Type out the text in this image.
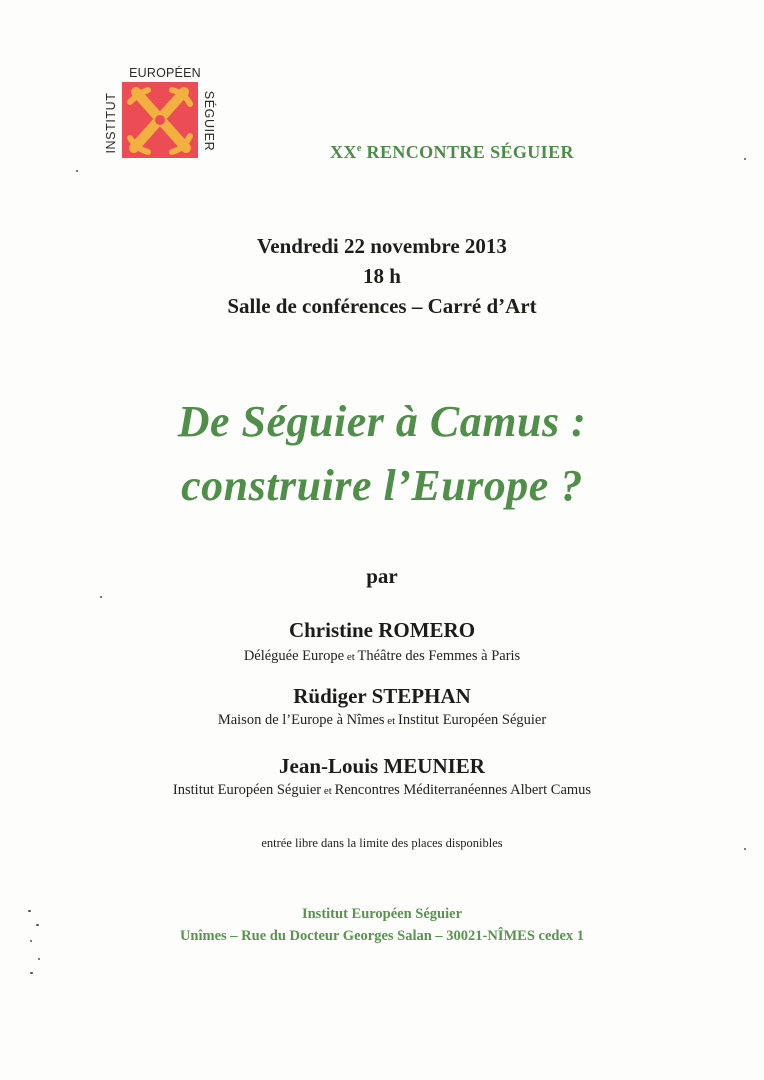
EUROPÉEN
INSTITUT	SÉGUIER
XXe RENCONTRE SÉGUIER
Vendredi 22 novembre 2013
18 h
Salle de conférences – Carré d’Art
De Séguier à Camus :
construire l’Europe ?
par
Christine ROMERO
Déléguée Europe et Théâtre des Femmes à Paris
Rüdiger STEPHAN
Maison de l’Europe à Nîmes et Institut Européen Séguier
Jean-Louis MEUNIER
Institut Européen Séguier et Rencontres Méditerranéennes Albert Camus
entrée libre dans la limite des places disponibles
Institut Européen Séguier
Unîmes – Rue du Docteur Georges Salan – 30021-NÎMES cedex 1
